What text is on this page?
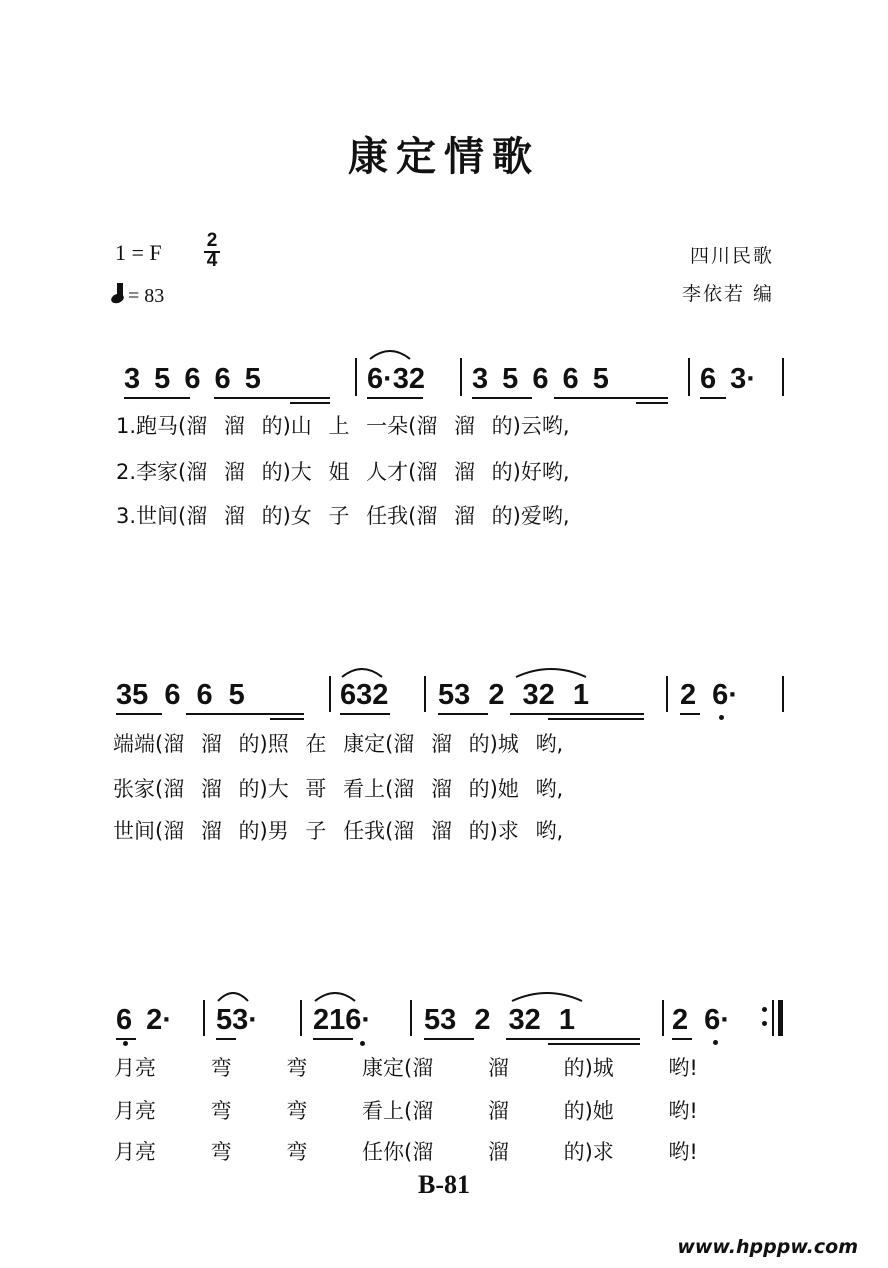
康定情歌
1 = F 2
4
= 83
四川民歌
李依若 编
3 5 6 6 5	6·32 3 5 6 6 5	6 3·
1.跑马(溜 溜 的)山 上 一朵(溜 溜 的)云哟,
2.李家(溜 溜 的)大 姐 人才(溜 溜 的)好哟,
3.世间(溜 溜 的)女 子 任我(溜 溜 的)爱哟,
35 6 6 5	632 53 2 32 1	2 6·
端端(溜 溜 的)照 在 康定(溜 溜 的)城 哟,
张家(溜 溜 的)大 哥 看上(溜 溜 的)她 哟,
世间(溜 溜 的)男 子 任我(溜 溜 的)求 哟,
6 2· 53· 216· 53 2 32 1	2 6·
月亮 弯 弯 康定(溜 溜 的)城 哟!
月亮 弯 弯 看上(溜 溜 的)她 哟!
月亮 弯 弯 任你(溜 溜 的)求 哟!
B-81
www.hpppw.com
